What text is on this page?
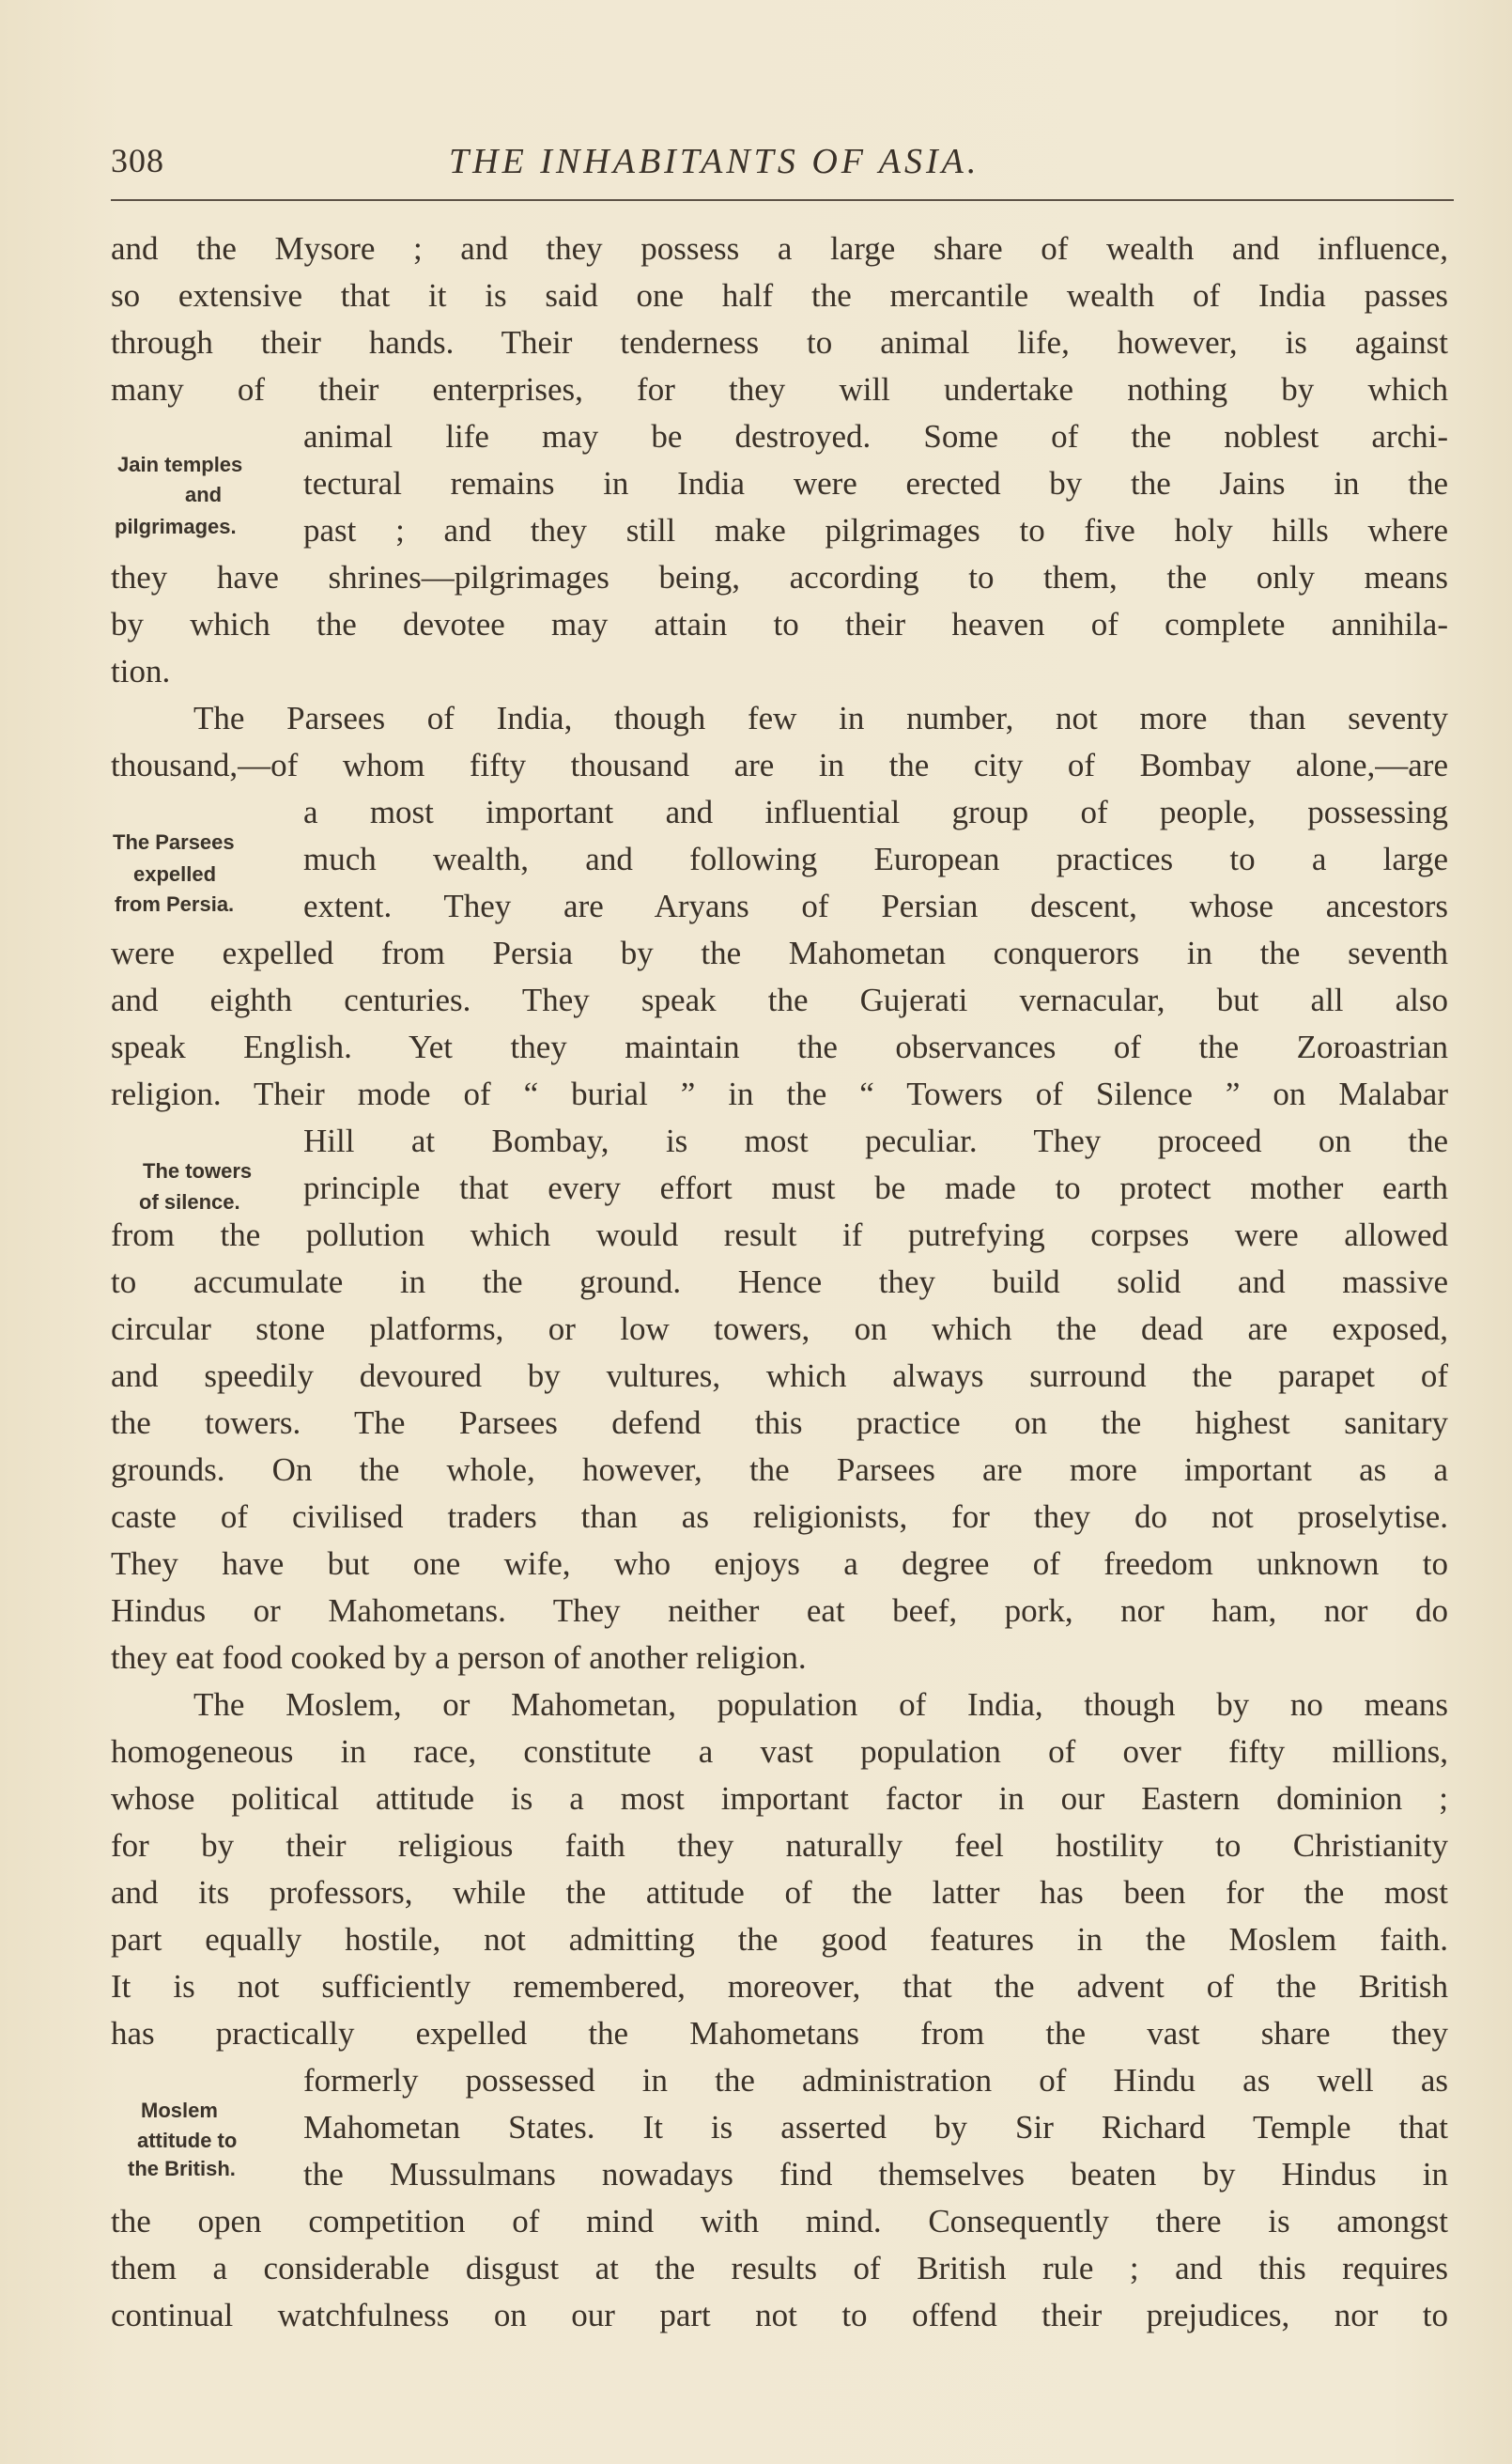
308	THE INHABITANTS OF ASIA.
and the Mysore ; and they possess a large share of wealth and influence,
so extensive that it is said one half the mercantile wealth of India passes
through their hands. Their tenderness to animal life, however, is against
many of their enterprises, for they will undertake nothing by which
animal life may be destroyed. Some of the noblest archi-
tectural remains in India were erected by the Jains in the
past ; and they still make pilgrimages to five holy hills where
they have shrines—pilgrimages being, according to them, the only means
by which the devotee may attain to their heaven of complete annihila-
tion.
The Parsees of India, though few in number, not more than seventy
thousand,—of whom fifty thousand are in the city of Bombay alone,—are
a most important and influential group of people, possessing
much wealth, and following European practices to a large
extent. They are Aryans of Persian descent, whose ancestors
were expelled from Persia by the Mahometan conquerors in the seventh
and eighth centuries. They speak the Gujerati vernacular, but all also
speak English. Yet they maintain the observances of the Zoroastrian
religion. Their mode of “ burial ” in the “ Towers of Silence ” on Malabar
Hill at Bombay, is most peculiar. They proceed on the
principle that every effort must be made to protect mother earth
from the pollution which would result if putrefying corpses were allowed
to accumulate in the ground. Hence they build solid and massive
circular stone platforms, or low towers, on which the dead are exposed,
and speedily devoured by vultures, which always surround the parapet of
the towers. The Parsees defend this practice on the highest sanitary
grounds. On the whole, however, the Parsees are more important as a
caste of civilised traders than as religionists, for they do not proselytise.
They have but one wife, who enjoys a degree of freedom unknown to
Hindus or Mahometans. They neither eat beef, pork, nor ham, nor do
they eat food cooked by a person of another religion.
The Moslem, or Mahometan, population of India, though by no means
homogeneous in race, constitute a vast population of over fifty millions,
whose political attitude is a most important factor in our Eastern dominion ;
for by their religious faith they naturally feel hostility to Christianity
and its professors, while the attitude of the latter has been for the most
part equally hostile, not admitting the good features in the Moslem faith.
It is not sufficiently remembered, moreover, that the advent of the British
has practically expelled the Mahometans from the vast share they
formerly possessed in the administration of Hindu as well as
Mahometan States. It is asserted by Sir Richard Temple that
the Mussulmans nowadays find themselves beaten by Hindus in
the open competition of mind with mind. Consequently there is amongst
them a considerable disgust at the results of British rule ; and this requires
continual watchfulness on our part not to offend their prejudices, nor to
Jain temples
and
pilgrimages.
The Parsees
expelled
from Persia.
The towers
of silence.
Moslem
attitude to
the British.
